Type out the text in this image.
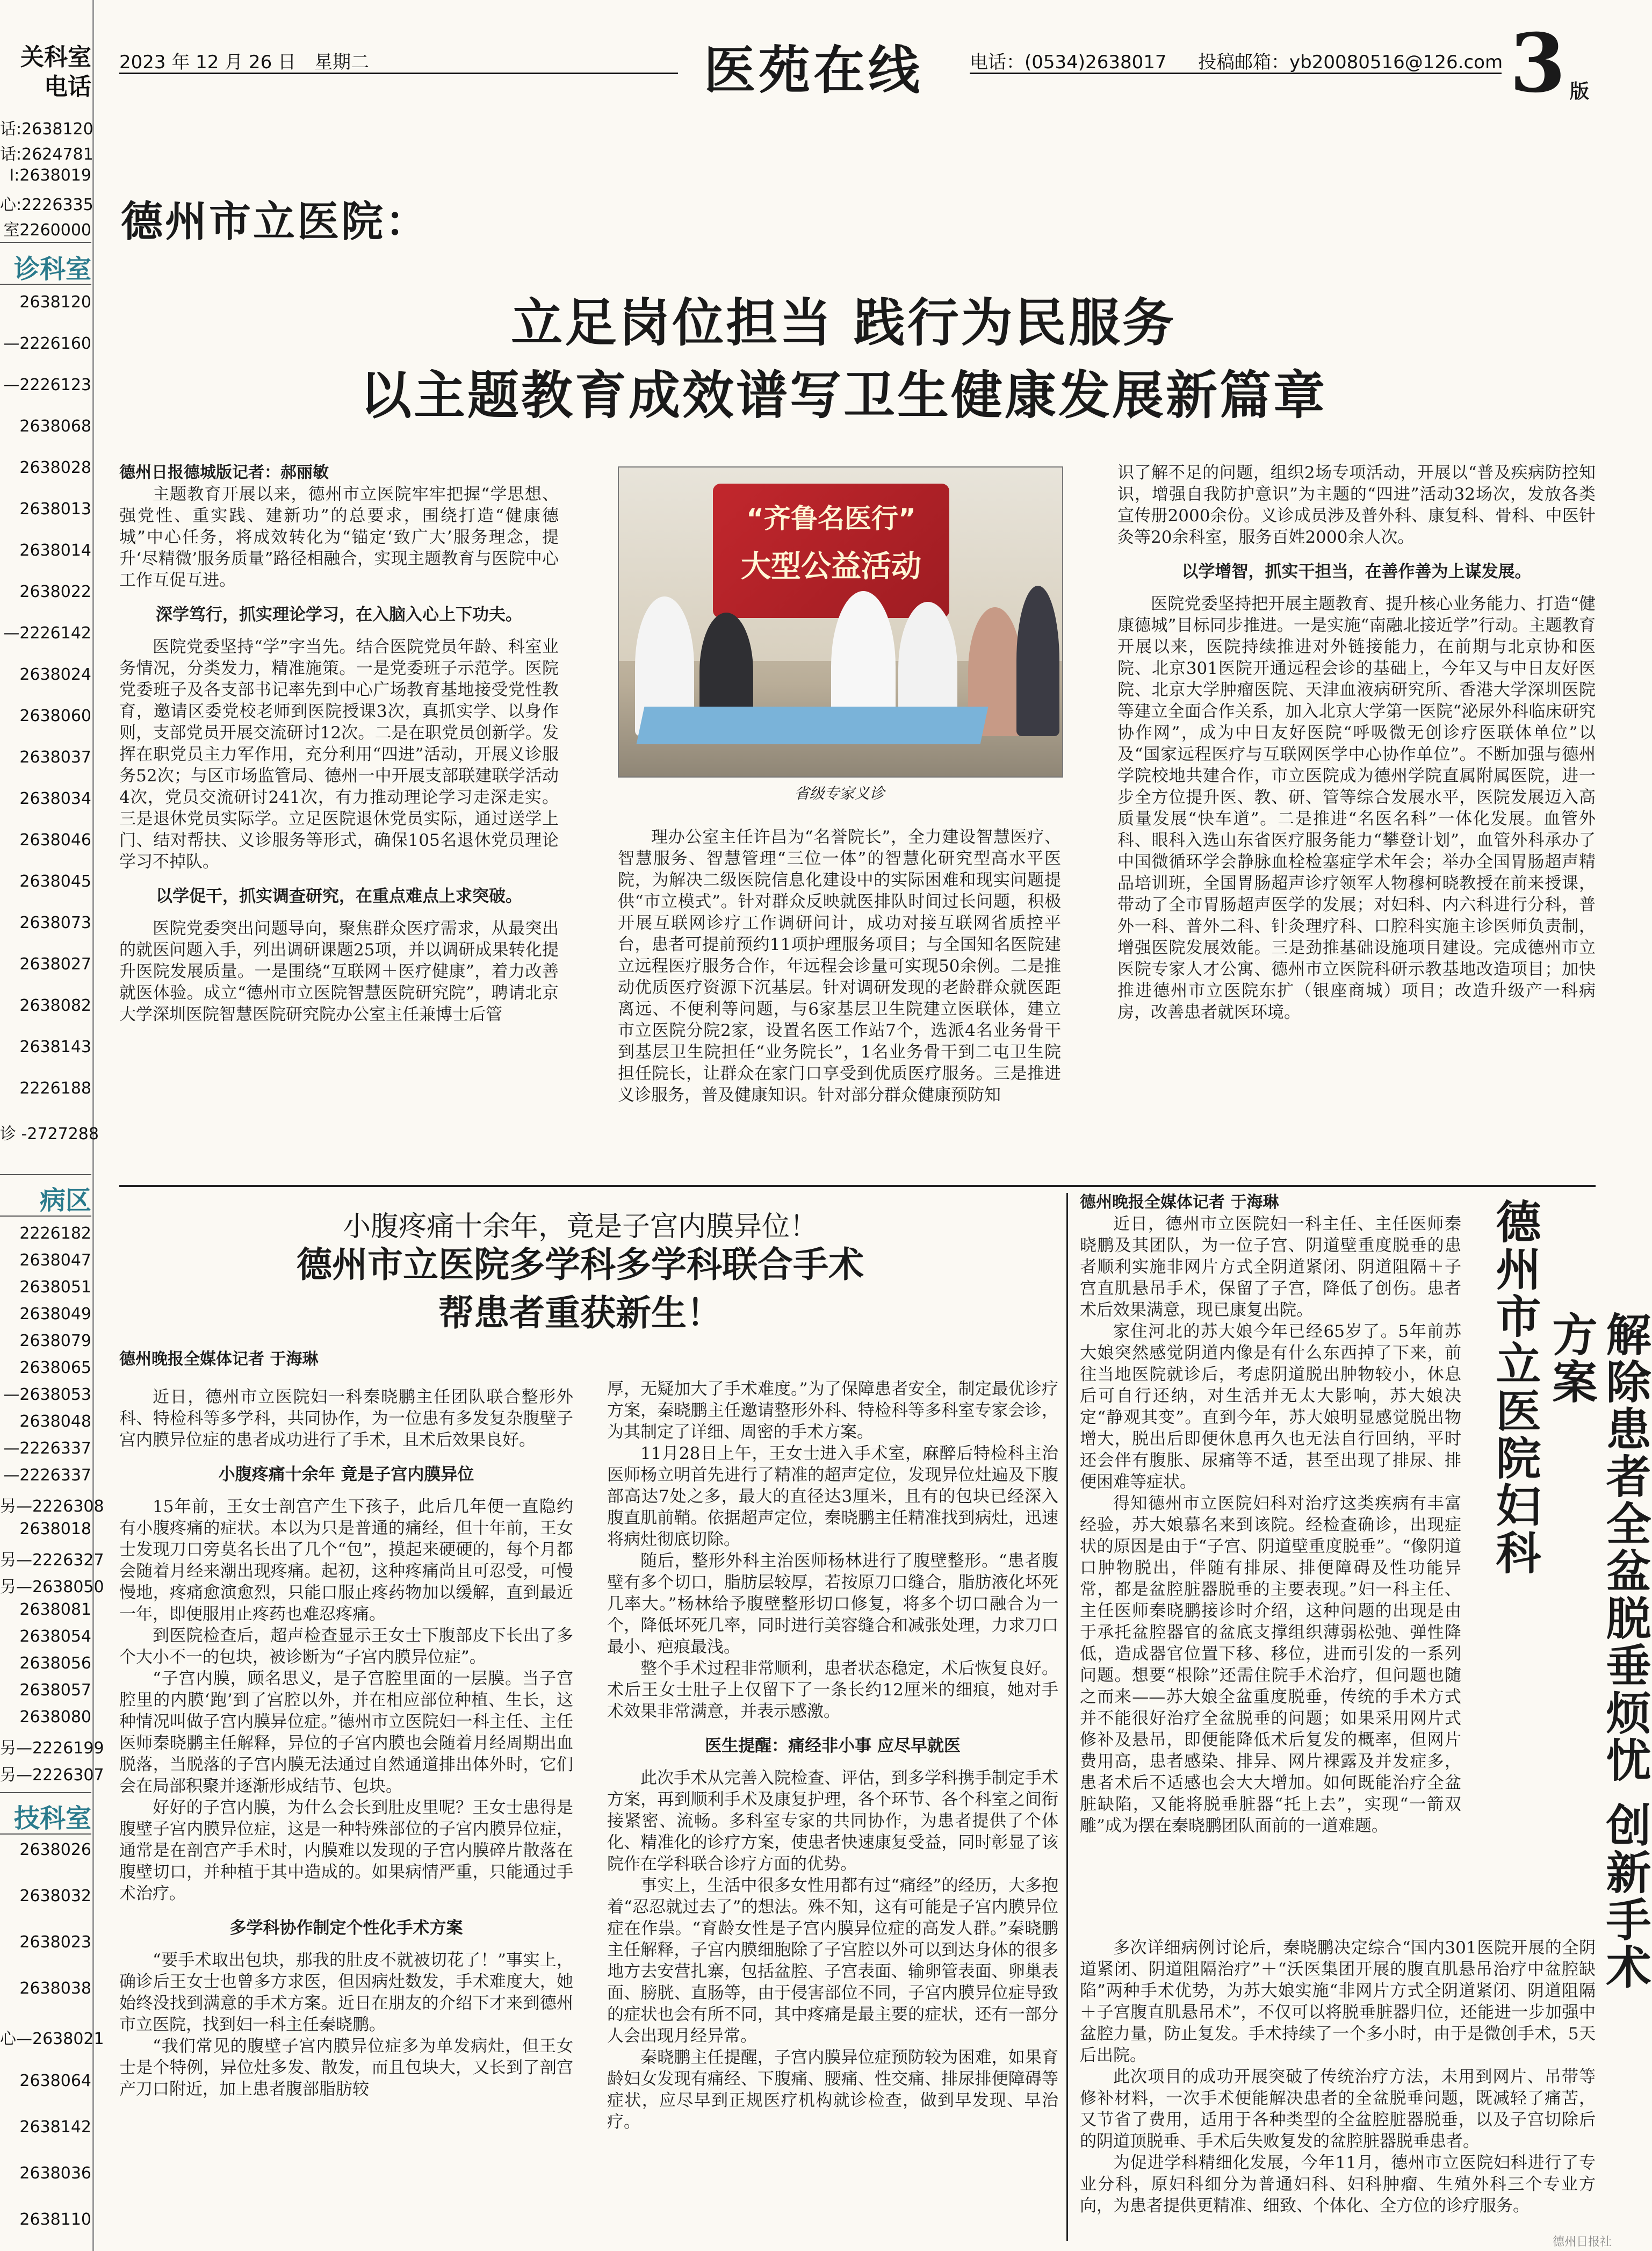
关科室
电话
话:2638120
话:2624781
I:2638019
心:2226335
室2260000
诊科室
2638120
—2226160
—2226123
2638068
2638028
2638013
2638014
2638022
—2226142
2638024
2638060
2638037
2638034
2638046
2638045
2638073
2638027
2638082
2638143
2226188
诊 -2727288
病区
2226182
2638047
2638051
2638049
2638079
2638065
—2638053
2638048
—2226337
—2226337
另—2226308
2638018
另—2226327
另—2638050
2638081
2638054
2638056
2638057
2638080
另—2226199
另—2226307
技科室
2638026
2638032
2638023
2638038
心—2638021
2638064
2638142
2638036
2638110
2023 年 12 月 26 日　星期二	医苑在线	电话：(0534)2638017 投稿邮箱：yb20080516@126.com 3 版
德州市立医院：
立足岗位担当 践行为民服务
以主题教育成效谱写卫生健康发展新篇章
德州日报德城版记者：郝丽敏

主题教育开展以来，德州市立医院牢牢把握“学思想、强党性、重实践、建新功”的总要求，围绕打造“健康德城”中心任务，将成效转化为“锚定‘致广大’服务理念，提升‘尽精微’服务质量”路径相融合，实现主题教育与医院中心工作互促互进。

深学笃行，抓实理论学习，在入脑入心上下功夫。

医院党委坚持“学”字当先。结合医院党员年龄、科室业务情况，分类发力，精准施策。一是党委班子示范学。医院党委班子及各支部书记率先到中心广场教育基地接受党性教育，邀请区委党校老师到医院授课3次，真抓实学、以身作则，支部党员开展交流研讨12次。二是在职党员创新学。发挥在职党员主力军作用，充分利用“四进”活动，开展义诊服务52次；与区市场监管局、德州一中开展支部联建联学活动4次，党员交流研讨241次，有力推动理论学习走深走实。三是退休党员实际学。立足医院退休党员实际，通过送学上门、结对帮扶、义诊服务等形式，确保105名退休党员理论学习不掉队。

以学促干，抓实调查研究，在重点难点上求突破。

医院党委突出问题导向，聚焦群众医疗需求，从最突出的就医问题入手，列出调研课题25项，并以调研成果转化提升医院发展质量。一是围绕“互联网＋医疗健康”，着力改善就医体验。成立“德州市立医院智慧医院研究院”，聘请北京大学深圳医院智慧医院研究院办公室主任兼博士后管

“齐鲁名医行”
大型公益活动
省级专家义诊

理办公室主任许昌为“名誉院长”，全力建设智慧医疗、智慧服务、智慧管理“三位一体”的智慧化研究型高水平医院，为解决二级医院信息化建设中的实际困难和现实问题提供“市立模式”。针对群众反映就医排队时间过长问题，积极开展互联网诊疗工作调研问计，成功对接互联网省质控平台，患者可提前预约11项护理服务项目；与全国知名医院建立远程医疗服务合作，年远程会诊量可实现50余例。二是推动优质医疗资源下沉基层。针对调研发现的老龄群众就医距离远、不便利等问题，与6家基层卫生院建立医联体，建立市立医院分院2家，设置名医工作站7个，选派4名业务骨干到基层卫生院担任“业务院长”，1名业务骨干到二屯卫生院担任院长，让群众在家门口享受到优质医疗服务。三是推进义诊服务，普及健康知识。针对部分群众健康预防知

识了解不足的问题，组织2场专项活动，开展以“普及疾病防控知识，增强自我防护意识”为主题的“四进”活动32场次，发放各类宣传册2000余份。义诊成员涉及普外科、康复科、骨科、中医针灸等20余科室，服务百姓2000余人次。

以学增智，抓实干担当，在善作善为上谋发展。

医院党委坚持把开展主题教育、提升核心业务能力、打造“健康德城”目标同步推进。一是实施“南融北接近学”行动。主题教育开展以来，医院持续推进对外链接能力，在前期与北京协和医院、北京301医院开通远程会诊的基础上，今年又与中日友好医院、北京大学肿瘤医院、天津血液病研究所、香港大学深圳医院等建立全面合作关系，加入北京大学第一医院“泌尿外科临床研究协作网”，成为中日友好医院“呼吸微无创诊疗医联体单位”以及“国家远程医疗与互联网医学中心协作单位”。不断加强与德州学院校地共建合作，市立医院成为德州学院直属附属医院，进一步全方位提升医、教、研、管等综合发展水平，医院发展迈入高质量发展“快车道”。二是推进“名医名科”一体化发展。血管外科、眼科入选山东省医疗服务能力“攀登计划”，血管外科承办了中国微循环学会静脉血栓检塞症学术年会；举办全国胃肠超声精品培训班，全国胃肠超声诊疗领军人物穆柯晓教授在前来授课，带动了全市胃肠超声医学的发展；对妇科、内六科进行分科，普外一科、普外二科、针灸理疗科、口腔科实施主诊医师负责制，增强医院发展效能。三是劲推基础设施项目建设。完成德州市立医院专家人才公寓、德州市立医院科研示教基地改造项目；加快推进德州市立医院东扩（银座商城）项目；改造升级产一科病房，改善患者就医环境。

小腹疼痛十余年，竟是子宫内膜异位！
德州市立医院多学科多学科联合手术
帮患者重获新生！
德州晚报全媒体记者 于海琳

近日，德州市立医院妇一科秦晓鹏主任团队联合整形外科、特检科等多学科，共同协作，为一位患有多发复杂腹壁子宫内膜异位症的患者成功进行了手术，且术后效果良好。

小腹疼痛十余年 竟是子宫内膜异位

15年前，王女士剖宫产生下孩子，此后几年便一直隐约有小腹疼痛的症状。本以为只是普通的痛经，但十年前，王女士发现刀口旁莫名长出了几个“包”，摸起来硬硬的，每个月都会随着月经来潮出现疼痛。起初，这种疼痛尚且可忍受，可慢慢地，疼痛愈演愈烈，只能口服止疼药物加以缓解，直到最近一年，即便服用止疼药也难忍疼痛。

到医院检查后，超声检查显示王女士下腹部皮下长出了多个大小不一的包块，被诊断为“子宫内膜异位症”。

“子宫内膜，顾名思义，是子宫腔里面的一层膜。当子宫腔里的内膜‘跑’到了宫腔以外，并在相应部位种植、生长，这种情况叫做子宫内膜异位症。”德州市立医院妇一科主任、主任医师秦晓鹏主任解释，异位的子宫内膜也会随着月经周期出血脱落，当脱落的子宫内膜无法通过自然通道排出体外时，它们会在局部积聚并逐渐形成结节、包块。

好好的子宫内膜，为什么会长到肚皮里呢？王女士患得是腹壁子宫内膜异位症，这是一种特殊部位的子宫内膜异位症，通常是在剖宫产手术时，内膜难以发现的子宫内膜碎片散落在腹壁切口，并种植于其中造成的。如果病情严重，只能通过手术治疗。

多学科协作制定个性化手术方案

“要手术取出包块，那我的肚皮不就被切花了！”事实上，确诊后王女士也曾多方求医，但因病灶数发，手术难度大，她始终没找到满意的手术方案。近日在朋友的介绍下才来到德州市立医院，找到妇一科主任秦晓鹏。

“我们常见的腹壁子宫内膜异位症多为单发病灶，但王女士是个特例，异位灶多发、散发，而且包块大，又长到了剖宫产刀口附近，加上患者腹部脂肪较

厚，无疑加大了手术难度。”为了保障患者安全，制定最优诊疗方案，秦晓鹏主任邀请整形外科、特检科等多科室专家会诊，为其制定了详细、周密的手术方案。

11月28日上午，王女士进入手术室，麻醉后特检科主治医师杨立明首先进行了精准的超声定位，发现异位灶遍及下腹部高达7处之多，最大的直径达3厘米，且有的包块已经深入腹直肌前鞘。依据超声定位，秦晓鹏主任精准找到病灶，迅速将病灶彻底切除。

随后，整形外科主治医师杨林进行了腹壁整形。“患者腹壁有多个切口，脂肪层较厚，若按原刀口缝合，脂肪液化坏死几率大。”杨林给予腹壁整形切口修复，将多个切口融合为一个，降低坏死几率，同时进行美容缝合和减张处理，力求刀口最小、疤痕最浅。

整个手术过程非常顺利，患者状态稳定，术后恢复良好。术后王女士肚子上仅留下了一条长约12厘米的细痕，她对手术效果非常满意，并表示感激。

医生提醒：痛经非小事 应尽早就医

此次手术从完善入院检查、评估，到多学科携手制定手术方案，再到顺利手术及康复护理，各个环节、各个科室之间衔接紧密、流畅。多科室专家的共同协作，为患者提供了个体化、精准化的诊疗方案，使患者快速康复受益，同时彰显了该院作在学科联合诊疗方面的优势。

事实上，生活中很多女性用都有过“痛经”的经历，大多抱着“忍忍就过去了”的想法。殊不知，这有可能是子宫内膜异位症在作祟。“育龄女性是子宫内膜异位症的高发人群。”秦晓鹏主任解释，子宫内膜细胞除了子宫腔以外可以到达身体的很多地方去安营扎寨，包括盆腔、子宫表面、输卵管表面、卵巢表面、膀胱、直肠等，由于侵害部位不同，子宫内膜异位症导致的症状也会有所不同，其中疼痛是最主要的症状，还有一部分人会出现月经异常。

秦晓鹏主任提醒，子宫内膜异位症预防较为困难，如果育龄妇女发现有痛经、下腹痛、腰痛、性交痛、排尿排便障碍等症状，应尽早到正规医疗机构就诊检查，做到早发现、早治疗。

德州晚报全媒体记者 于海琳

近日，德州市立医院妇一科主任、主任医师秦晓鹏及其团队，为一位子宫、阴道壁重度脱垂的患者顺利实施非网片方式全阴道紧闭、阴道阻隔＋子宫直肌悬吊手术，保留了子宫，降低了创伤。患者术后效果满意，现已康复出院。

家住河北的苏大娘今年已经65岁了。5年前苏大娘突然感觉阴道内像是有什么东西掉了下来，前往当地医院就诊后，考虑阴道脱出肿物较小，休息后可自行还纳，对生活并无太大影响，苏大娘决定“静观其变”。直到今年，苏大娘明显感觉脱出物增大，脱出后即便休息再久也无法自行回纳，平时还会伴有腹胀、尿痛等不适，甚至出现了排尿、排便困难等症状。

得知德州市立医院妇科对治疗这类疾病有丰富经验，苏大娘慕名来到该院。经检查确诊，出现症状的原因是由于“子宫、阴道壁重度脱垂”。“像阴道口肿物脱出，伴随有排尿、排便障碍及性功能异常，都是盆腔脏器脱垂的主要表现。”妇一科主任、主任医师秦晓鹏接诊时介绍，这种问题的出现是由于承托盆腔器官的盆底支撑组织薄弱松弛、弹性降低，造成器官位置下移、移位，进而引发的一系列问题。想要“根除”还需住院手术治疗，但问题也随之而来——苏大娘全盆重度脱垂，传统的手术方式并不能很好治疗全盆脱垂的问题；如果采用网片式修补及悬吊，即便能降低术后复发的概率，但网片费用高，患者感染、排异、网片裸露及并发症多，患者术后不适感也会大大增加。如何既能治疗全盆脏缺陷，又能将脱垂脏器“托上去”，实现“一箭双雕”成为摆在秦晓鹏团队面前的一道难题。

德州市立医院妇科	解除患者全盆脱垂烦忧 创新手术方案

多次详细病例讨论后，秦晓鹏决定综合“国内301医院开展的全阴道紧闭、阴道阻隔治疗”＋“沃医集团开展的腹直肌悬吊治疗中盆腔缺陷”两种手术优势，为苏大娘实施“非网片方式全阴道紧闭、阴道阻隔＋子宫腹直肌悬吊术”，不仅可以将脱垂脏器归位，还能进一步加强中盆腔力量，防止复发。手术持续了一个多小时，由于是微创手术，5天后出院。

此次项目的成功开展突破了传统治疗方法，未用到网片、吊带等修补材料，一次手术便能解决患者的全盆脱垂问题，既减轻了痛苦，又节省了费用，适用于各种类型的全盆腔脏器脱垂，以及子宫切除后的阴道顶脱垂、手术后失败复发的盆腔脏器脱垂患者。

为促进学科精细化发展，今年11月，德州市立医院妇科进行了专业分科，原妇科细分为普通妇科、妇科肿瘤、生殖外科三个专业方向，为患者提供更精准、细致、个体化、全方位的诊疗服务。

德州日报社
